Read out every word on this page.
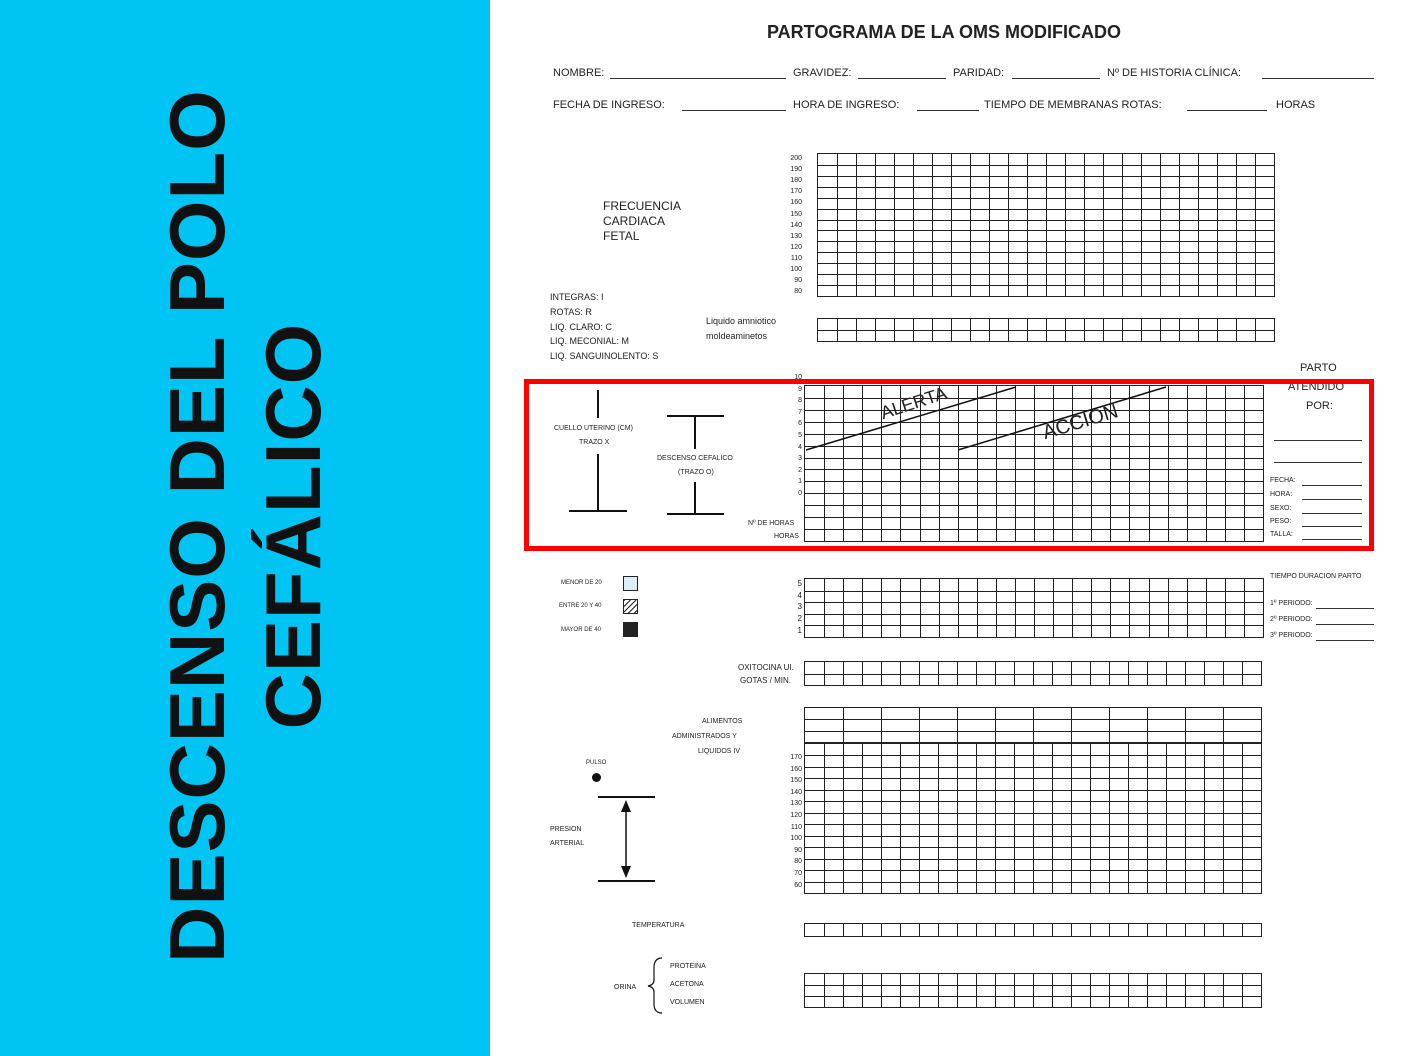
DESCENSO DEL POLO CEFÁLICO
PARTOGRAMA DE LA OMS MODIFICADO
NOMBRE:	GRAVIDEZ:	PARIDAD:	Nº DE HISTORIA CLÍNICA:
FECHA DE INGRESO:	HORA DE INGRESO:	TIEMPO DE MEMBRANAS ROTAS:	HORAS
FRECUENCIA
CARDIACA
FETAL
200
190
180
170
160
150
140
130
120
110
100
90
80
INTEGRAS: I
ROTAS: R
LIQ. CLARO: C
LIQ. MECONIAL: M
LIQ. SANGUINOLENTO: S
Liquido amniotico
moldeaminetos
CUELLO UTERINO (CM)
TRAZO X
DESCENSO CEFALICO
(TRAZO O)
10
9
8
7
6
5
4
3
2
1
0
Nº DE HORAS
HORAS
ALERTA	ACCION
PARTO
ATENDIDO
POR:
FECHA:
HORA:
SEXO:
PESO:
TALLA:
MENOR DE 20
ENTRE 20 Y 40
MAYOR DE 40
5
4
3
2
1
TIEMPO DURACION PARTO
1º PERIODO:
2º PERIODO:
3º PERIODO:
OXITOCINA UI.
GOTAS / MIN.
ALIMENTOS
ADMINISTRADOS Y
LIQUIDOS IV
PULSO
PRESION
ARTERIAL
170
160
150
140
130
120
110
100
90
80
70
60
TEMPERATURA
ORINA
PROTEINA
ACETONA
VOLUMEN
